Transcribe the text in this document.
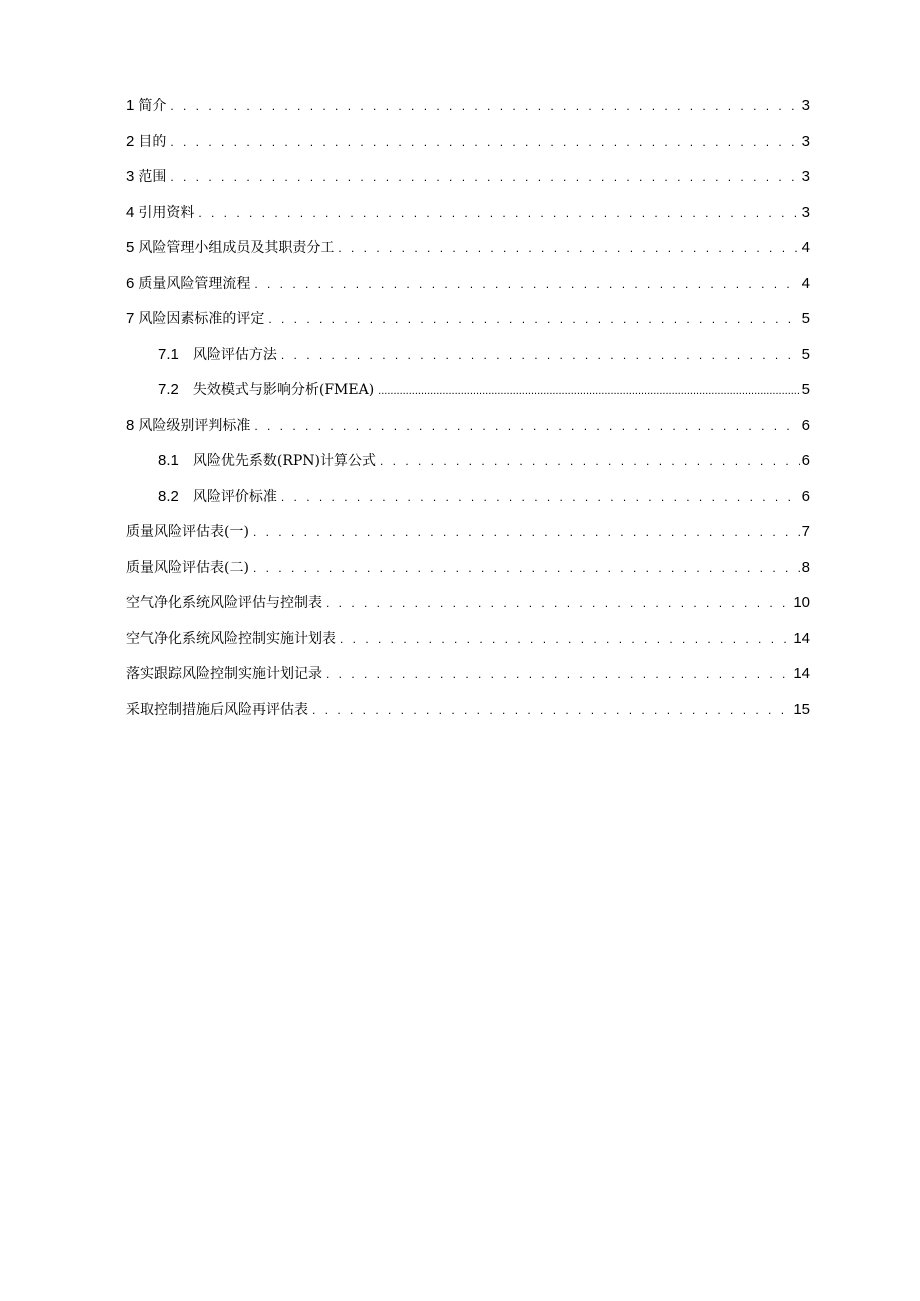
1 简介 . . .	3
2 目的 . . .	3
3 范围 . . .	3
4 引用资料 . . .	3
5 风险管理小组成员及其职责分工 . . .	4
6 质量风险管理流程 . . .	4
7 风险因素标准的评定 . . .	5
7.1 风险评估方法 . . .	5
7.2 失效模式与影响分析(FMEA) .....	5
8 风险级别评判标准 . . .	6
8.1 风险优先系数(RPN)计算公式 . . .	6
8.2 风险评价标准 . . .	6
质量风险评估表(一) . . .	7
质量风险评估表(二) . . .	8
空气净化系统风险评估与控制表 . . .	10
空气净化系统风险控制实施计划表 . . .	14
落实跟踪风险控制实施计划记录 . . .	14
采取控制措施后风险再评估表 . . .	15
